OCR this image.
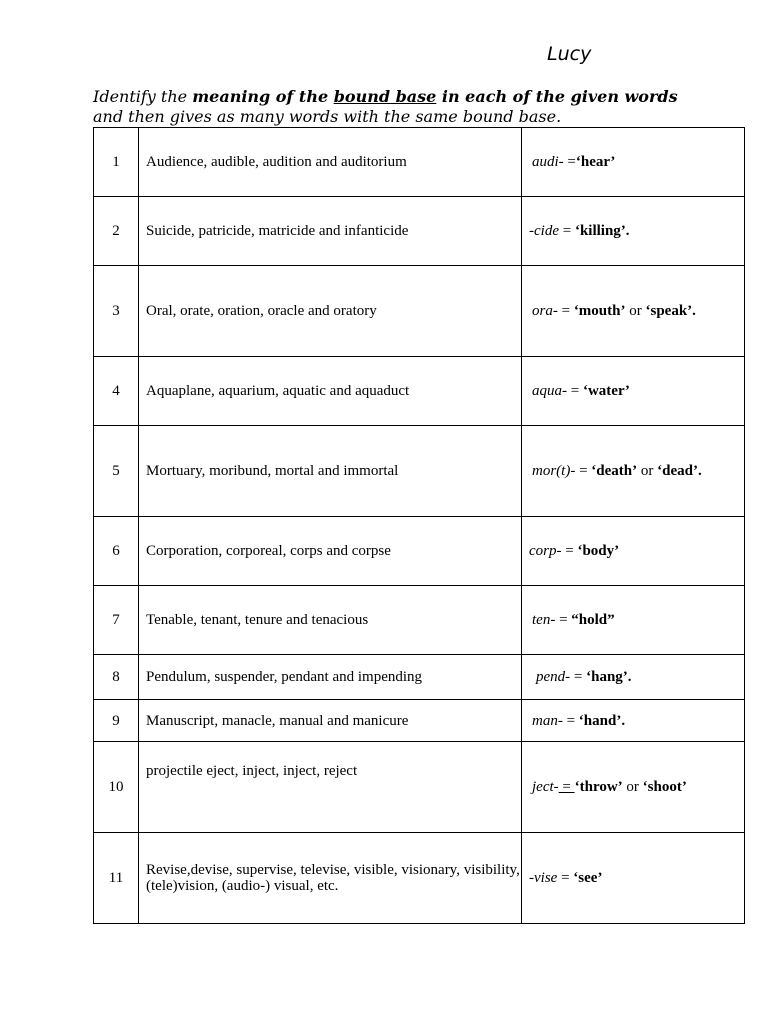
Lucy

Identify the meaning of the bound base in each of the given words and then gives as many words with the same bound base.

1	Audience, audible, audition and auditorium	audi- =‘hear’
2	Suicide, patricide, matricide and infanticide	-cide = ‘killing’.
3	Oral, orate, oration, oracle and oratory	ora- = ‘mouth’ or ‘speak’.
4	Aquaplane, aquarium, aquatic and aquaduct	aqua- = ‘water’
5	Mortuary, moribund, mortal and immortal	mor(t)- = ‘death’ or ‘dead’.
6	Corporation, corporeal, corps and corpse	corp- = ‘body’
7	Tenable, tenant, tenure and tenacious	ten- = “hold”
8	Pendulum, suspender, pendant and impending	pend- = ‘hang’.
9	Manuscript, manacle, manual and manicure	man- = ‘hand’.
10	projectile eject, inject, inject, reject	ject- = ‘throw’ or ‘shoot’
11	Revise,devise, supervise, televise, visible, visionary, visibility, (tele)vision, (audio-) visual, etc.	-vise = ‘see’
